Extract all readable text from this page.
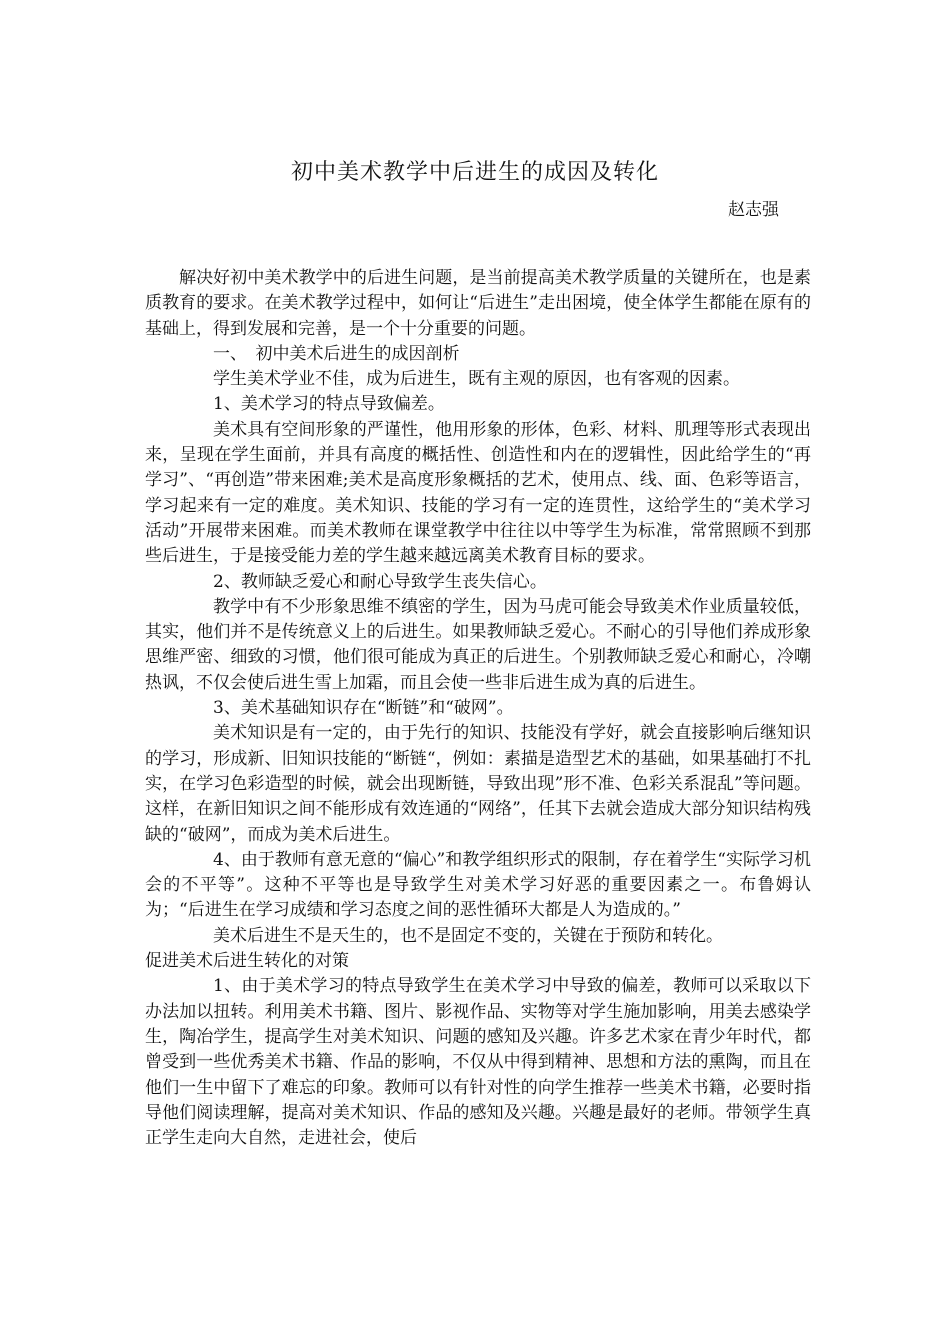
初中美术教学中后进生的成因及转化
赵志强

解决好初中美术教学中的后进生问题，是当前提高美术教学质量的关键所在，也是素质教育的要求。在美术教学过程中，如何让“后进生”走出困境，使全体学生都能在原有的基础上，得到发展和完善，是一个十分重要的问题。

一、　初中美术后进生的成因剖析

学生美术学业不佳，成为后进生，既有主观的原因，也有客观的因素。

1、美术学习的特点导致偏差。

美术具有空间形象的严谨性，他用形象的形体，色彩、材料、肌理等形式表现出来，呈现在学生面前，并具有高度的概括性、创造性和内在的逻辑性，因此给学生的“再学习”、“再创造”带来困难;美术是高度形象概括的艺术，使用点、线、面、色彩等语言，学习起来有一定的难度。美术知识、技能的学习有一定的连贯性，这给学生的“美术学习活动”开展带来困难。而美术教师在课堂教学中往往以中等学生为标准，常常照顾不到那些后进生，于是接受能力差的学生越来越远离美术教育目标的要求。

2、教师缺乏爱心和耐心导致学生丧失信心。

教学中有不少形象思维不缜密的学生，因为马虎可能会导致美术作业质量较低，其实，他们并不是传统意义上的后进生。如果教师缺乏爱心。不耐心的引导他们养成形象思维严密、细致的习惯，他们很可能成为真正的后进生。个别教师缺乏爱心和耐心，冷嘲热讽，不仅会使后进生雪上加霜，而且会使一些非后进生成为真的后进生。

3、美术基础知识存在“断链”和“破网”。

美术知识是有一定的，由于先行的知识、技能没有学好，就会直接影响后继知识的学习，形成新、旧知识技能的“断链“，例如：素描是造型艺术的基础，如果基础打不扎实，在学习色彩造型的时候，就会出现断链，导致出现”形不准、色彩关系混乱”等问题。这样，在新旧知识之间不能形成有效连通的“网络”，任其下去就会造成大部分知识结构残缺的“破网”，而成为美术后进生。

4、由于教师有意无意的“偏心”和教学组织形式的限制，存在着学生“实际学习机会的不平等”。这种不平等也是导致学生对美术学习好恶的重要因素之一。布鲁姆认为；“后进生在学习成绩和学习态度之间的恶性循环大都是人为造成的。”

美术后进生不是天生的，也不是固定不变的，关键在于预防和转化。

促进美术后进生转化的对策

1、由于美术学习的特点导致学生在美术学习中导致的偏差，教师可以采取以下办法加以扭转。利用美术书籍、图片、影视作品、实物等对学生施加影响，用美去感染学生，陶冶学生，提高学生对美术知识、问题的感知及兴趣。许多艺术家在青少年时代，都曾受到一些优秀美术书籍、作品的影响，不仅从中得到精神、思想和方法的熏陶，而且在他们一生中留下了难忘的印象。教师可以有针对性的向学生推荐一些美术书籍，必要时指导他们阅读理解，提高对美术知识、作品的感知及兴趣。兴趣是最好的老师。带领学生真正学生走向大自然，走进社会，使后
